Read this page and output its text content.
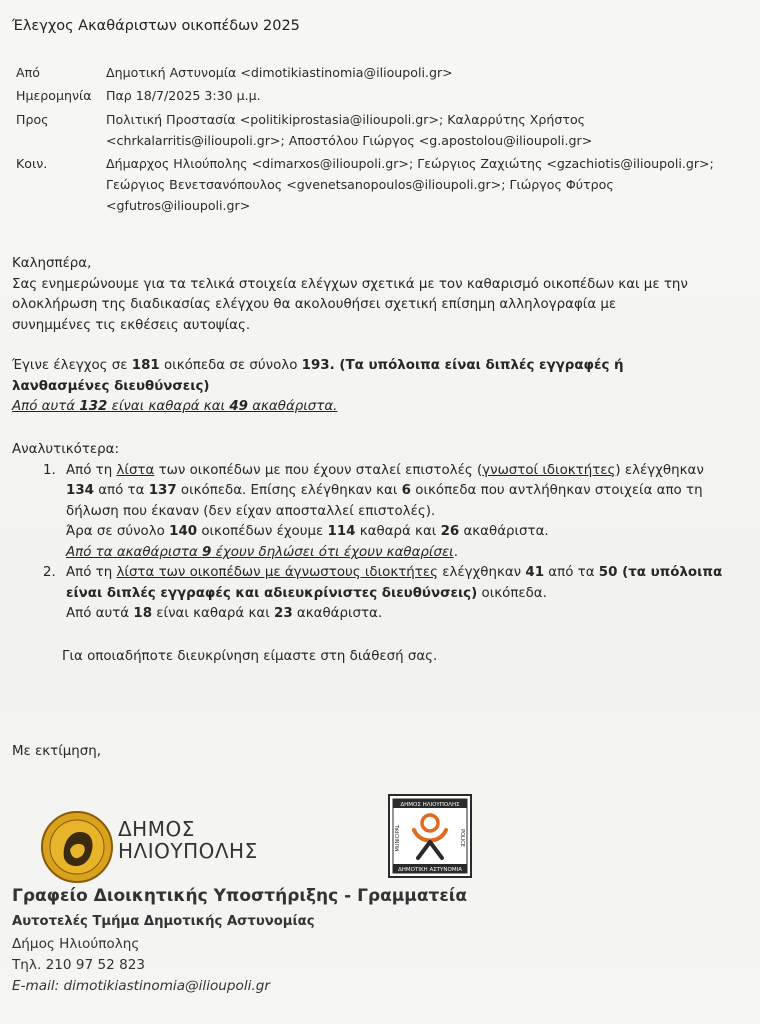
Έλεγχος Ακαθάριστων οικοπέδων 2025
Από	Δημοτική Αστυνομία <dimotikiastinomia@ilioupoli.gr>
Ημερομηνία	Παρ 18/7/2025 3:30 μ.μ.
Προς	Πολιτική Προστασία <politikiprostasia@ilioupoli.gr>; Καλαρρύτης Χρήστος
<chrkalarritis@ilioupoli.gr>; Αποστόλου Γιώργος <g.apostolou@ilioupoli.gr>
Κοιν.	Δήμαρχος Ηλιούπολης <dimarxos@ilioupoli.gr>; Γεώργιος Ζαχιώτης <gzachiotis@ilioupoli.gr>;
Γεώργιος Βενετσανόπουλος <gvenetsanopoulos@ilioupoli.gr>; Γιώργος Φύτρος
<gfutros@ilioupoli.gr>
Καλησπέρα,
Σας ενημερώνουμε για τα τελικά στοιχεία ελέγχων σχετικά με τον καθαρισμό οικοπέδων και με την
ολοκλήρωση της διαδικασίας ελέγχου θα ακολουθήσει σχετική επίσημη αλληλογραφία με
συνημμένες τις εκθέσεις αυτοψίας.
Έγινε έλεγχος σε 181 οικόπεδα σε σύνολο 193. (Τα υπόλοιπα είναι διπλές εγγραφές ή
λανθασμένες διευθύνσεις)
Από αυτά 132 είναι καθαρά και 49 ακαθάριστα.
Αναλυτικότερα:
1. Από τη λίστα των οικοπέδων με που έχουν σταλεί επιστολές (γνωστοί ιδιοκτήτες) ελέγχθηκαν
134 από τα 137 οικόπεδα. Επίσης ελέγθηκαν και 6 οικόπεδα που αντλήθηκαν στοιχεία απο τη
δήλωση που έκαναν (δεν είχαν αποσταλλεί επιστολές).
Άρα σε σύνολο 140 οικοπέδων έχουμε 114 καθαρά και 26 ακαθάριστα.
Από τα ακαθάριστα 9 έχουν δηλώσει ότι έχουν καθαρίσει.
2. Από τη λίστα των οικοπέδων με άγνωστους ιδιοκτήτες ελέγχθηκαν 41 από τα 50 (τα υπόλοιπα
είναι διπλές εγγραφές και αδιευκρίνιστες διευθύνσεις) οικόπεδα.
Από αυτά 18 είναι καθαρά και 23 ακαθάριστα.
Για οποιαδήποτε διευκρίνηση είμαστε στη διάθεσή σας.
Με εκτίμηση,
ΔΗΜΟΣ
ΗΛΙΟΥΠΟΛΗΣ
ΔΗΜΟΣ ΗΛΙΟΥΠΟΛΗΣ
ΔΗΜΟΤΙΚΗ ΑΣΤΥΝΟΜΙΑ
MUNICIPAL	POLICE
Γραφείο Διοικητικής Υποστήριξης - Γραμματεία
Αυτοτελές Τμήμα Δημοτικής Αστυνομίας
Δήμος Ηλιούπολης
Τηλ. 210 97 52 823
E-mail: dimotikiastinomia@ilioupoli.gr
